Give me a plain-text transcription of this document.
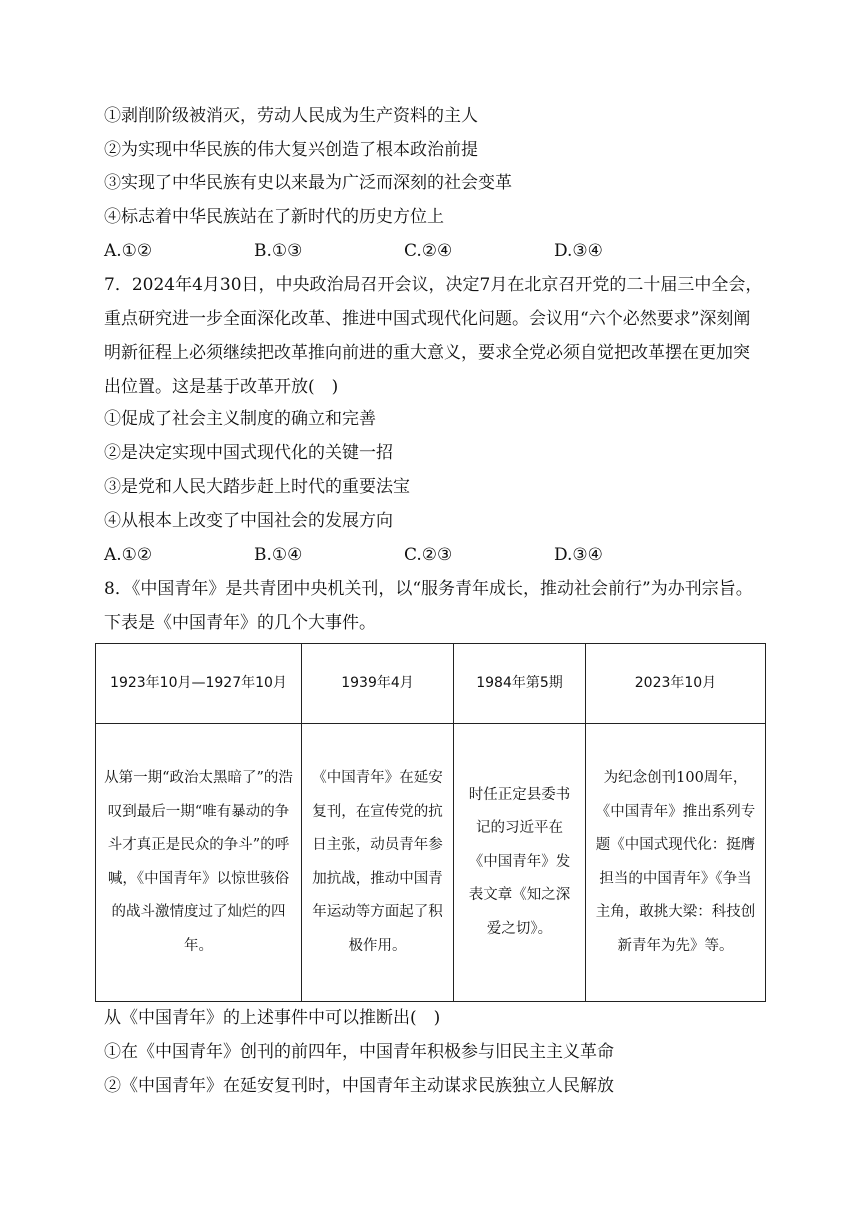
①剥削阶级被消灭，劳动人民成为生产资料的主人
②为实现中华民族的伟大复兴创造了根本政治前提
③实现了中华民族有史以来最为广泛而深刻的社会变革
④标志着中华民族站在了新时代的历史方位上
A.①②	B.①③	C.②④	D.③④
7．2024年4月30日，中央政治局召开会议，决定7月在北京召开党的二十届三中全会，重点研究进一步全面深化改革、推进中国式现代化问题。会议用“六个必然要求”深刻阐明新征程上必须继续把改革推向前进的重大意义，要求全党必须自觉把改革摆在更加突出位置。这是基于改革开放(　)
①促成了社会主义制度的确立和完善
②是决定实现中国式现代化的关键一招
③是党和人民大踏步赶上时代的重要法宝
④从根本上改变了中国社会的发展方向
A.①②	B.①④	C.②③	D.③④
8．《中国青年》是共青团中央机关刊，以“服务青年成长，推动社会前行”为办刊宗旨。下表是《中国青年》的几个大事件。
1923年10月—1927年10月	1939年4月	1984年第5期	2023年10月
从第一期“政治太黑暗了”的浩叹到最后一期“唯有暴动的争斗才真正是民众的争斗”的呼喊，《中国青年》以惊世骇俗的战斗激情度过了灿烂的四年。	《中国青年》在延安复刊，在宣传党的抗日主张，动员青年参加抗战，推动中国青年运动等方面起了积极作用。	时任正定县委书记的习近平在《中国青年》发表文章《知之深爱之切》。	为纪念创刊100周年，《中国青年》推出系列专题《中国式现代化：挺膺担当的中国青年》《争当主角，敢挑大梁：科技创新青年为先》等。
从《中国青年》的上述事件中可以推断出(　)
①在《中国青年》创刊的前四年，中国青年积极参与旧民主主义革命
②《中国青年》在延安复刊时，中国青年主动谋求民族独立人民解放
